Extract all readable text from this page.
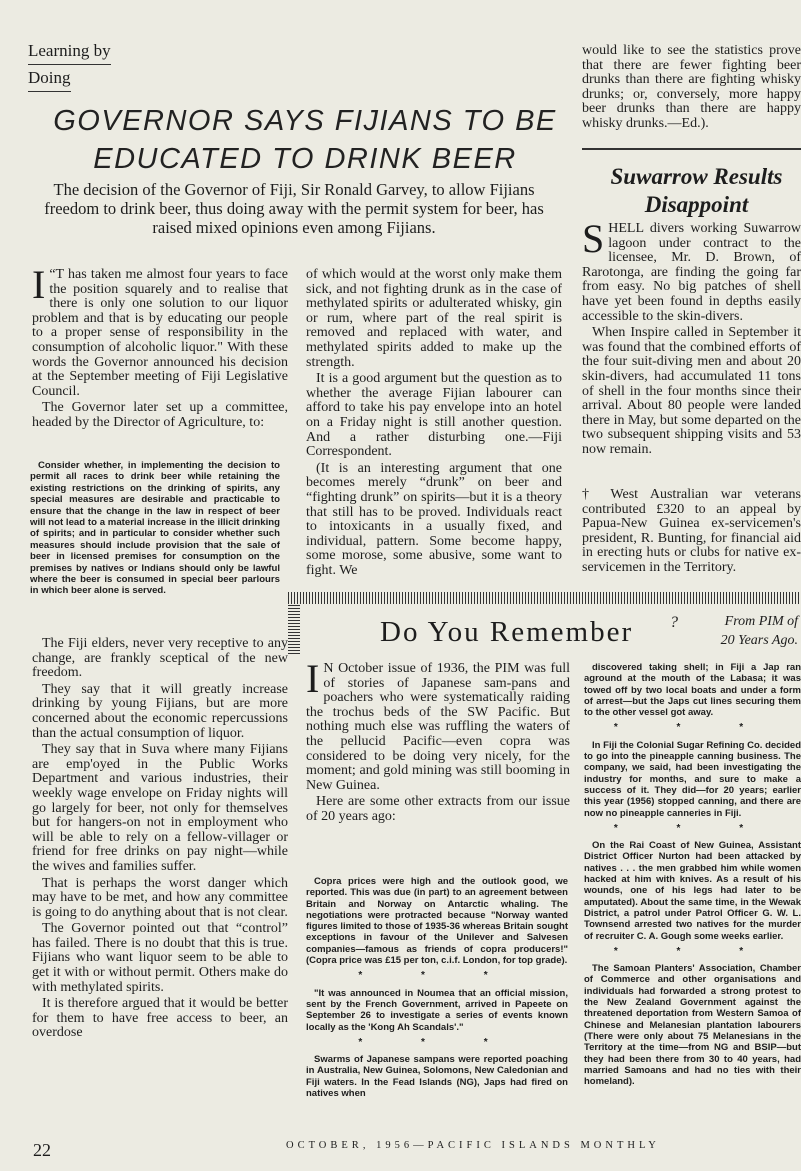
Learning by
Doing
GOVERNOR SAYS FIJIANS TO BE
EDUCATED TO DRINK BEER
The decision of the Governor of Fiji, Sir Ronald Garvey, to allow Fijians freedom to drink beer, thus doing away with the permit system for beer, has raised mixed opinions even among Fijians.

“
I T has taken me almost four years to face the position squarely and to realise that there is only one solution to our liquor problem and that is by educating our people to a proper sense of responsibility in the consumption of alcoholic liquor." With these words the Governor announced his decision at the September meeting of Fiji Legislative Council.

The Governor later set up a committee, headed by the Director of Agriculture, to:

Consider whether, in implementing the decision to permit all races to drink beer while retaining the existing restrictions on the drinking of spirits, any special measures are desirable and practicable to ensure that the change in the law in respect of beer will not lead to a material increase in the illicit drinking of spirits; and in particular to consider whether such measures should include provision that the sale of beer in licensed premises for consumption on the premises by natives or Indians should only be lawful where the beer is consumed in special beer parlours in which beer alone is served.

The Fiji elders, never very receptive to any change, are frankly sceptical of the new freedom.

They say that it will greatly increase drinking by young Fijians, but are more concerned about the economic repercussions than the actual consumption of liquor.

They say that in Suva where many Fijians are emp'oyed in the Public Works Department and various industries, their weekly wage envelope on Friday nights will go largely for beer, not only for themselves but for hangers-on not in employment who will be able to rely on a fellow-villager or friend for free drinks on pay night—while the wives and families suffer.

That is perhaps the worst danger which may have to be met, and how any committee is going to do anything about that is not clear.

The Governor pointed out that “control” has failed. There is no doubt that this is true. Fijians who want liquor seem to be able to get it with or without permit. Others make do with methylated spirits.

It is therefore argued that it would be better for them to have free access to beer, an overdose

of which would at the worst only make them sick, and not fighting drunk as in the case of methylated spirits or adulterated whisky, gin or rum, where part of the real spirit is removed and replaced with water, and methylated spirits added to make up the strength.

It is a good argument but the question as to whether the average Fijian labourer can afford to take his pay envelope into an hotel on a Friday night is still another question. And a rather disturbing one.—Fiji Correspondent.

(It is an interesting argument that one becomes merely “drunk” on beer and “fighting drunk” on spirits—but it is a theory that still has to be proved. Individuals react to intoxicants in a usually fixed, and individual, pattern. Some become happy, some morose, some abusive, some want to fight. We

would like to see the statistics prove that there are fewer fighting beer drunks than there are fighting whisky drunks; or, conversely, more happy beer drunks than there are happy whisky drunks.—Ed.).

Suwarrow Results
Disappoint

SHELL divers working Suwarrow lagoon under contract to the licensee, Mr. D. Brown, of Rarotonga, are finding the going far from easy. No big patches of shell have yet been found in depths easily accessible to the skin-divers.

When Inspire called in September it was found that the combined efforts of the four suit-diving men and about 20 skin-divers, had accumulated 11 tons of shell in the four months since their arrival. About 80 people were landed there in May, but some departed on the two subsequent shipping visits and 53 now remain.

† West Australian war veterans contributed £320 to an appeal by Papua-New Guinea ex-servicemen's president, R. Bunting, for financial aid in erecting huts or clubs for native ex-servicemen in the Territory.

Do You Remember ?	From PIM of
20 Years Ago.

I N October issue of 1936, the PIM was full of stories of Japanese sam-pans and poachers who were systematically raiding the trochus beds of the SW Pacific. But nothing much else was ruffling the waters of the pellucid Pacific—even copra was considered to be doing very nicely, for the moment; and gold mining was still booming in New Guinea.

Here are some other extracts from our issue of 20 years ago:

Copra prices were high and the outlook good, we reported. This was due (in part) to an agreement between Britain and Norway on Antarctic whaling. The negotiations were protracted because "Norway wanted figures limited to those of 1935-36 whereas Britain sought exceptions in favour of the Unilever and Salvesen companies—famous as friends of copra producers!" (Copra price was £15 per ton, c.i.f. London, for top grade).

* * *

"It was announced in Noumea that an official mission, sent by the French Government, arrived in Papeete on September 26 to investigate a series of events known locally as the 'Kong Ah Scandals'."

* * *

Swarms of Japanese sampans were reported poaching in Australia, New Guinea, Solomons, New Caledonian and Fiji waters. In the Fead Islands (NG), Japs had fired on natives when

discovered taking shell; in Fiji a Jap ran aground at the mouth of the Labasa; it was towed off by two local boats and under a form of arrest—but the Japs cut lines securing them to the other vessel got away.

* * *

In Fiji the Colonial Sugar Refining Co. decided to go into the pineapple canning business. The company, we said, had been investigating the industry for months, and sure to make a success of it. They did—for 20 years; earlier this year (1956) stopped canning, and there are now no pineapple canneries in Fiji.

* * *

On the Rai Coast of New Guinea, Assistant District Officer Nurton had been attacked by natives . . . the men grabbed him while women hacked at him with knives. As a result of his wounds, one of his legs had later to be amputated). About the same time, in the Wewak District, a patrol under Patrol Officer G. W. L. Townsend arrested two natives for the murder of recruiter C. A. Gough some weeks earlier.

* * *

The Samoan Planters' Association, Chamber of Commerce and other organisations and individuals had forwarded a strong protest to the New Zealand Government against the threatened deportation from Western Samoa of Chinese and Melanesian plantation labourers (There were only about 75 Melanesians in the Territory at the time—from NG and BSIP—but they had been there from 30 to 40 years, had married Samoans and had no ties with their homeland).

22	OCTOBER, 1956—PACIFIC ISLANDS MONTHLY
